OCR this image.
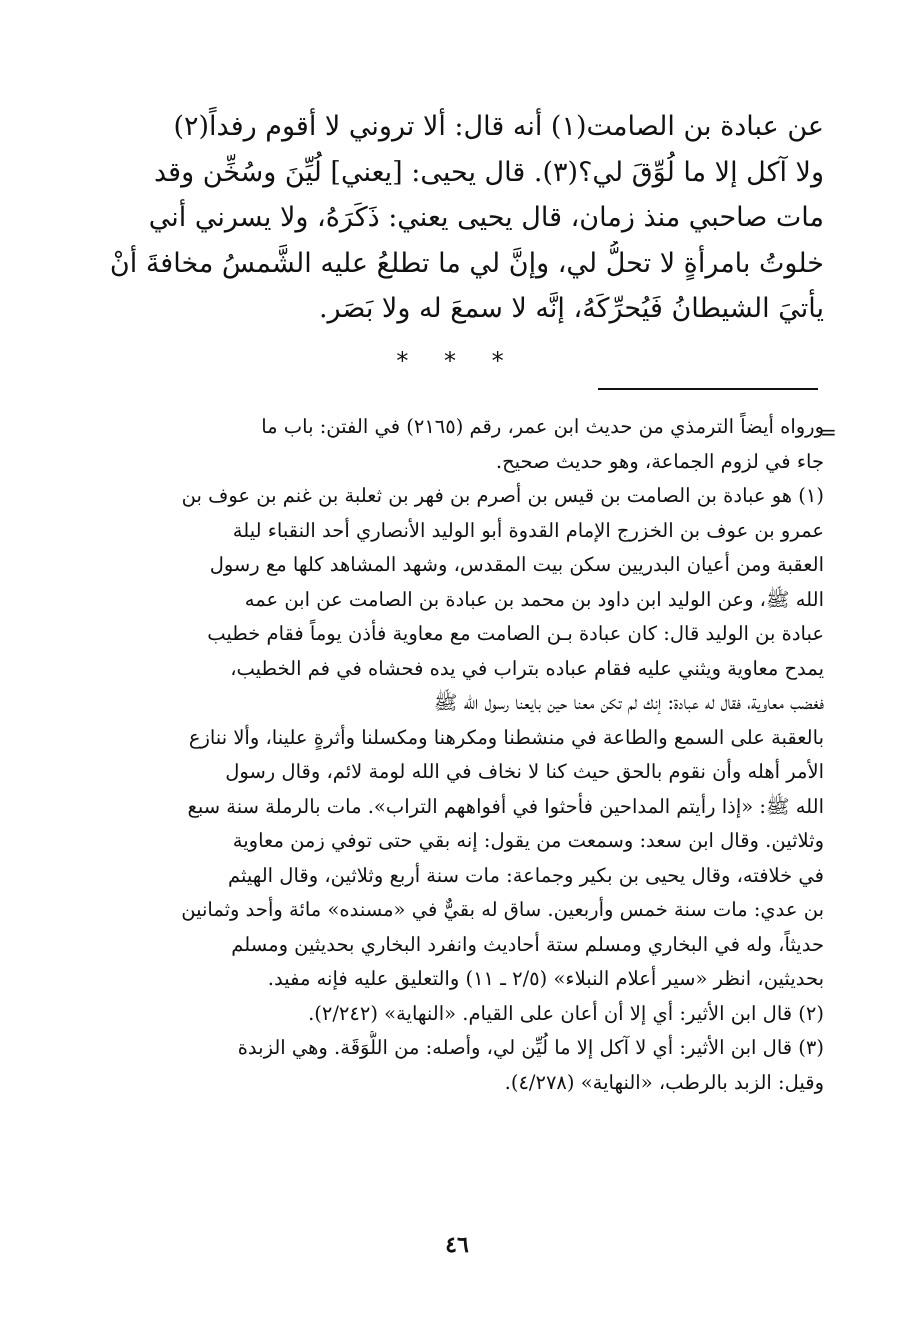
عن عبادة بن الصامت(١) أنه قال: ألا تروني لا أقوم رفداً(٢)
ولا آكل إلا ما لُوِّقَ لي؟(٣). قال يحيى: [يعني] لُيِّنَ وسُخِّن وقد
مات صاحبي منذ زمان، قال يحيى يعني: ذَكَرَهُ، ولا يسرني أني
خلوتُ بامرأةٍ لا تحلُّ لي، وإنَّ لي ما تطلعُ عليه الشَّمسُ مخافةَ أنْ
يأتيَ الشيطانُ فَيُحرِّكَهُ، إنَّه لا سمعَ له ولا بَصَر.
* * *
=
ورواه أيضاً الترمذي من حديث ابن عمر، رقم (٢١٦٥) في الفتن: باب ما
جاء في لزوم الجماعة، وهو حديث صحيح.
(١) هو عبادة بن الصامت بن قيس بن أصرم بن فهر بن ثعلبة بن غنم بن عوف بن
عمرو بن عوف بن الخزرج الإمام القدوة أبو الوليد الأنصاري أحد النقباء ليلة
العقبة ومن أعيان البدريين سكن بيت المقدس، وشهد المشاهد كلها مع رسول
الله ﷺ، وعن الوليد ابن داود بن محمد بن عبادة بن الصامت عن ابن عمه
عبادة بن الوليد قال: كان عبادة بـن الصامت مع معاوية فأذن يوماً فقام خطيب
يمدح معاوية ويثني عليه فقام عباده بتراب في يده فحشاه في فم الخطيب،
فغضب معاوية، فقال له عبادة: إنك لم تكن معنا حين بايعنا رسول الله ﷺ
بالعقبة على السمع والطاعة في منشطنا ومكرهنا ومكسلنا وأثرةٍ علينا، وألا ننازع
الأمر أهله وأن نقوم بالحق حيث كنا لا نخاف في الله لومة لائم، وقال رسول
الله ﷺ: «إذا رأيتم المداحين فأحثوا في أفواههم التراب». مات بالرملة سنة سبع
وثلاثين. وقال ابن سعد: وسمعت من يقول: إنه بقي حتى توفي زمن معاوية
في خلافته، وقال يحيى بن بكير وجماعة: مات سنة أربع وثلاثين، وقال الهيثم
بن عدي: مات سنة خمس وأربعين. ساق له بقيٌّ في «مسنده» مائة وأحد وثمانين
حديثاً، وله في البخاري ومسلم ستة أحاديث وانفرد البخاري بحديثين ومسلم
بحديثين، انظر «سير أعلام النبلاء» (٢/٥ ـ ١١) والتعليق عليه فإنه مفيد.
(٢) قال ابن الأثير: أي إلا أن أعان على القيام. «النهاية» (٢/٢٤٢).
(٣) قال ابن الأثير: أي لا آكل إلا ما لُيِّن لي، وأصله: من اللُّوَقَة. وهي الزبدة
وقيل: الزبد بالرطب، «النهاية» (٤/٢٧٨).
٤٦
